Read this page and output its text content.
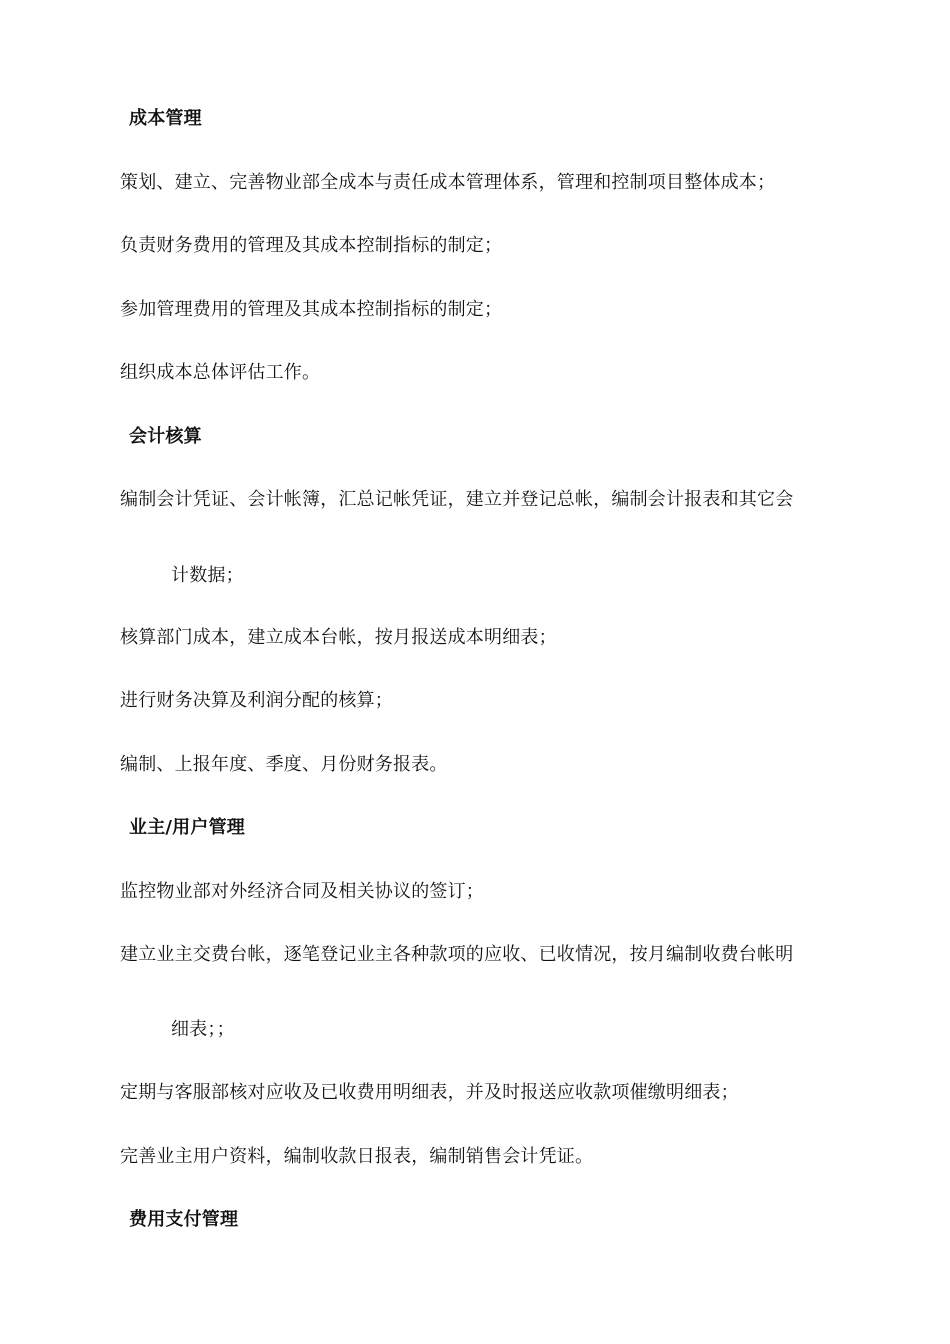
成本管理
策划、建立、完善物业部全成本与责任成本管理体系，管理和控制项目整体成本；
负责财务费用的管理及其成本控制指标的制定；
参加管理费用的管理及其成本控制指标的制定；
组织成本总体评估工作。
会计核算
编制会计凭证、会计帐簿，汇总记帐凭证，建立并登记总帐，编制会计报表和其它会
计数据；
核算部门成本，建立成本台帐，按月报送成本明细表；
进行财务决算及利润分配的核算；
编制、上报年度、季度、月份财务报表。
业主/用户管理
监控物业部对外经济合同及相关协议的签订；
建立业主交费台帐，逐笔登记业主各种款项的应收、已收情况，按月编制收费台帐明
细表；；
定期与客服部核对应收及已收费用明细表，并及时报送应收款项催缴明细表；
完善业主用户资料，编制收款日报表，编制销售会计凭证。
费用支付管理
